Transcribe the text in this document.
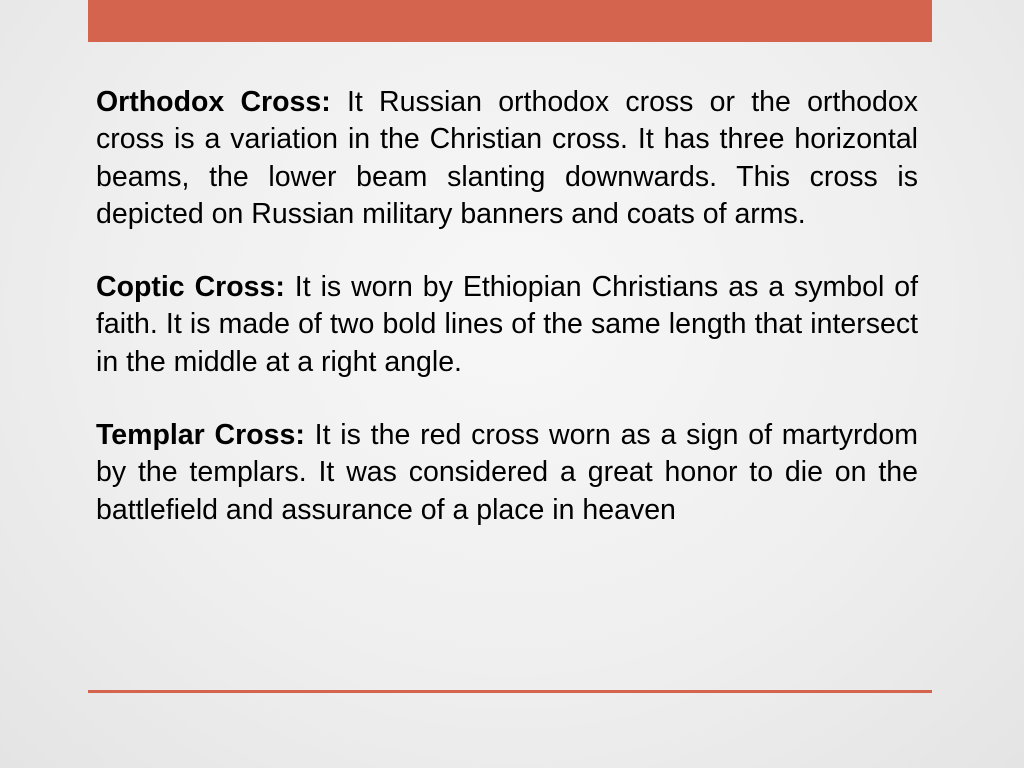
Orthodox Cross: It Russian orthodox cross or the orthodox cross is a variation in the Christian cross. It has three horizontal beams, the lower beam slanting downwards. This cross is depicted on Russian military banners and coats of arms.

Coptic Cross: It is worn by Ethiopian Christians as a symbol of faith. It is made of two bold lines of the same length that intersect in the middle at a right angle.

Templar Cross: It is the red cross worn as a sign of martyrdom by the templars. It was considered a great honor to die on the battlefield and assurance of a place in heaven
